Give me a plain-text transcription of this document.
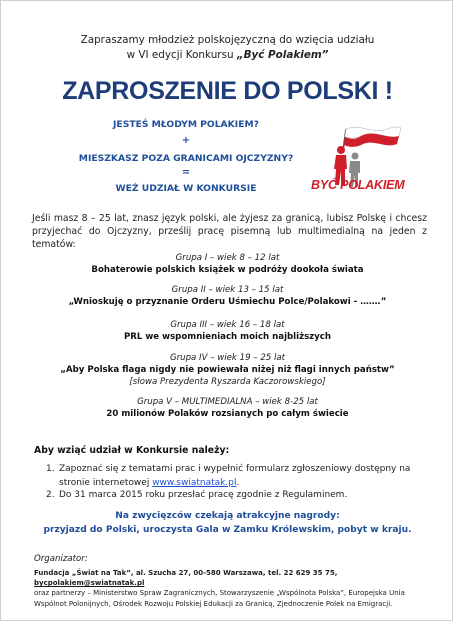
Zapraszamy młodzież polskojęzyczną do wzięcia udziału
w VI edycji Konkursu „Być Polakiem”
ZAPROSZENIE DO POLSKI !
JESTEŚ MŁODYM POLAKIEM?
+
MIESZKASZ POZA GRANICAMI OJCZYZNY?
=
WEŹ UDZIAŁ W KONKURSIE	BYĆ POLAKIEM
Jeśli masz 8 – 25 lat, znasz język polski, ale żyjesz za granicą, lubisz Polskę i chcesz przyjechać do Ojczyzny, prześlij pracę pisemną lub multimedialną na jeden z tematów:
Grupa I – wiek 8 – 12 lat
Bohaterowie polskich książek w podróży dookoła świata
Grupa II – wiek 13 – 15 lat
„Wnioskuję o przyznanie Orderu Uśmiechu Polce/Polakowi - …….”
Grupa III – wiek 16 – 18 lat
PRL we wspomnieniach moich najbliższych
Grupa IV – wiek 19 – 25 lat
„Aby Polska flaga nigdy nie powiewała niżej niż flagi innych państw”
[słowa Prezydenta Ryszarda Kaczorowskiego]
Grupa V – MULTIMEDIALNA – wiek 8-25 lat
20 milionów Polaków rozsianych po całym świecie
Aby wziąć udział w Konkursie należy:
1. Zapoznać się z tematami prac i wypełnić formularz zgłoszeniowy dostępny na
stronie internetowej www.swiatnatak.pl.
2. Do 31 marca 2015 roku przesłać pracę zgodnie z Regulaminem.
Na zwycięzców czekają atrakcyjne nagrody:
przyjazd do Polski, uroczysta Gala w Zamku Królewskim, pobyt w kraju.
Organizator:
Fundacja „Świat na Tak”, al. Szucha 27, 00-580 Warszawa, tel. 22 629 35 75, bycpolakiem@swiatnatak.pl
oraz partnerzy – Ministerstwo Spraw Zagranicznych, Stowarzyszenie „Wspólnota Polska”, Europejska Unia
Wspólnot Polonijnych, Ośrodek Rozwoju Polskiej Edukacji za Granicą, Zjednoczenie Polek na Emigracji.
